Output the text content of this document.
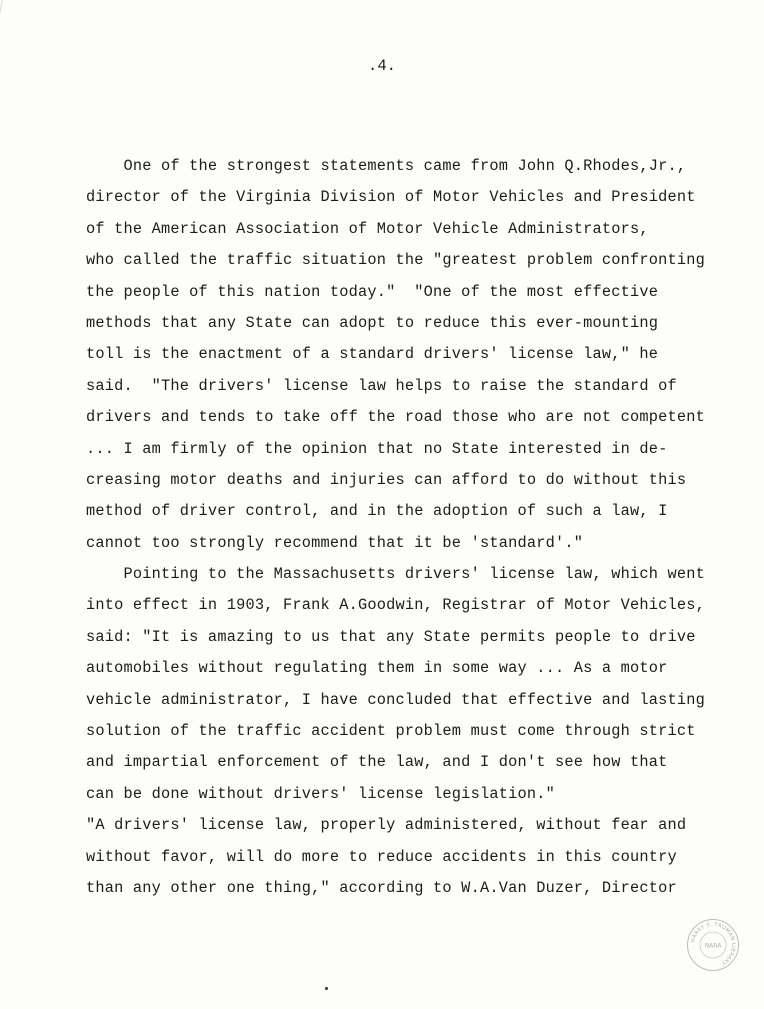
.4.
One of the strongest statements came from John Q.Rhodes,Jr.,
director of the Virginia Division of Motor Vehicles and President
of the American Association of Motor Vehicle Administrators,
who called the traffic situation the "greatest problem confronting
the people of this nation today."  "One of the most effective
methods that any State can adopt to reduce this ever-mounting
toll is the enactment of a standard drivers' license law," he
said.  "The drivers' license law helps to raise the standard of
drivers and tends to take off the road those who are not competent
... I am firmly of the opinion that no State interested in de-
creasing motor deaths and injuries can afford to do without this
method of driver control, and in the adoption of such a law, I
cannot too strongly recommend that it be 'standard'."
Pointing to the Massachusetts drivers' license law, which went
into effect in 1903, Frank A.Goodwin, Registrar of Motor Vehicles,
said: "It is amazing to us that any State permits people to drive
automobiles without regulating them in some way ... As a motor
vehicle administrator, I have concluded that effective and lasting
solution of the traffic accident problem must come through strict
and impartial enforcement of the law, and I don't see how that
can be done without drivers' license legislation."
"A drivers' license law, properly administered, without fear and
without favor, will do more to reduce accidents in this country
than any other one thing," according to W.A.Van Duzer, Director
HARRY S. TRUMAN LIBRARY
NARA
